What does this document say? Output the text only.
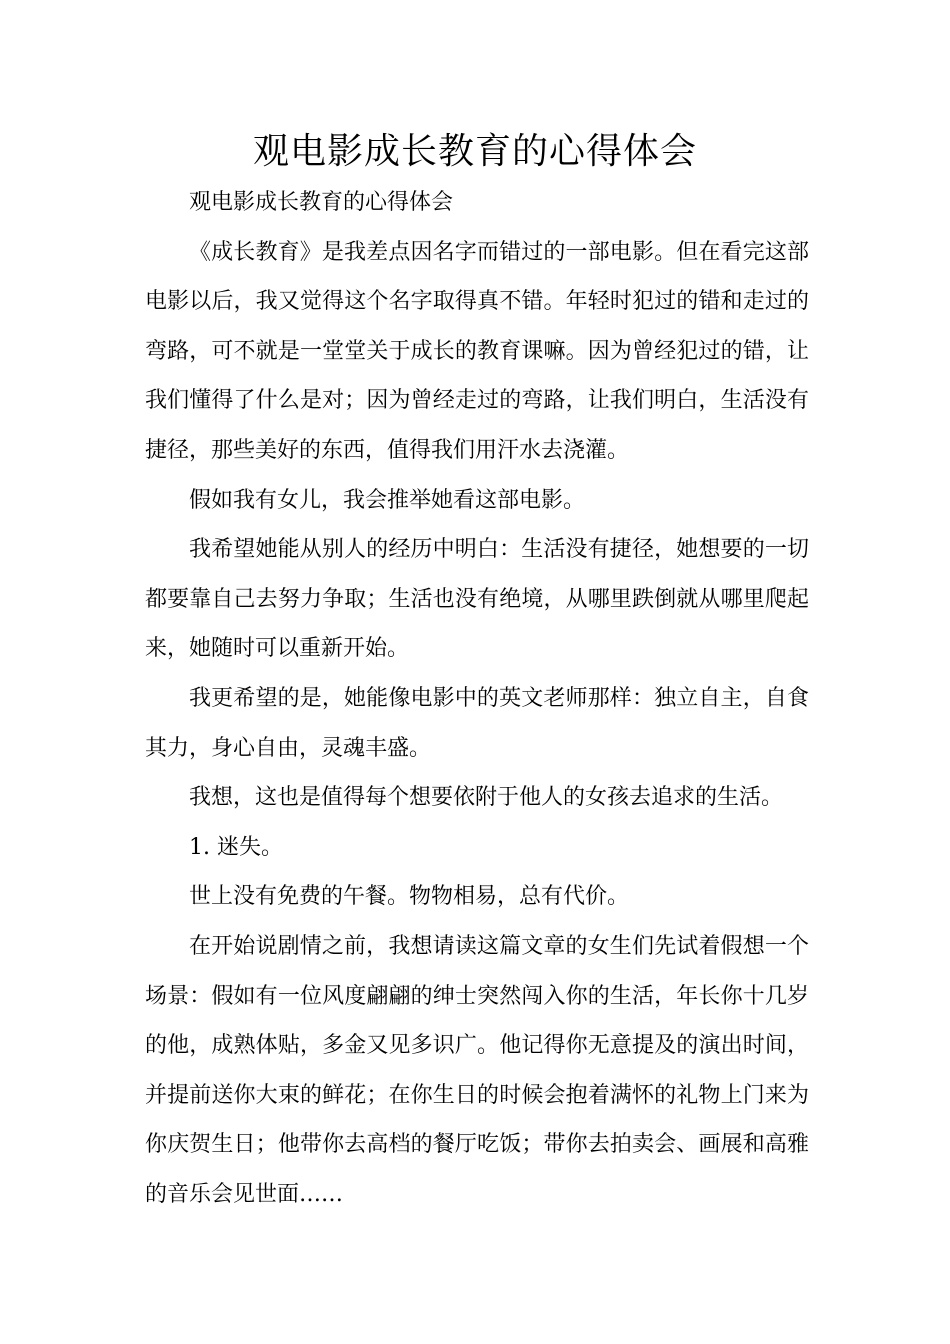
观电影成长教育的心得体会

观电影成长教育的心得体会

《成长教育》是我差点因名字而错过的一部电影。但在看完这部电影以后，我又觉得这个名字取得真不错。年轻时犯过的错和走过的弯路，可不就是一堂堂关于成长的教育课嘛。因为曾经犯过的错，让我们懂得了什么是对；因为曾经走过的弯路，让我们明白，生活没有捷径，那些美好的东西，值得我们用汗水去浇灌。

假如我有女儿，我会推举她看这部电影。

我希望她能从别人的经历中明白：生活没有捷径，她想要的一切都要靠自己去努力争取；生活也没有绝境，从哪里跌倒就从哪里爬起来，她随时可以重新开始。

我更希望的是，她能像电影中的英文老师那样：独立自主，自食其力，身心自由，灵魂丰盛。

我想，这也是值得每个想要依附于他人的女孩去追求的生活。

1. 迷失。

世上没有免费的午餐。物物相易，总有代价。

在开始说剧情之前，我想请读这篇文章的女生们先试着假想一个场景：假如有一位风度翩翩的绅士突然闯入你的生活，年长你十几岁的他，成熟体贴，多金又见多识广。他记得你无意提及的演出时间，并提前送你大束的鲜花；在你生日的时候会抱着满怀的礼物上门来为你庆贺生日；他带你去高档的餐厅吃饭；带你去拍卖会、画展和高雅的音乐会见世面……
